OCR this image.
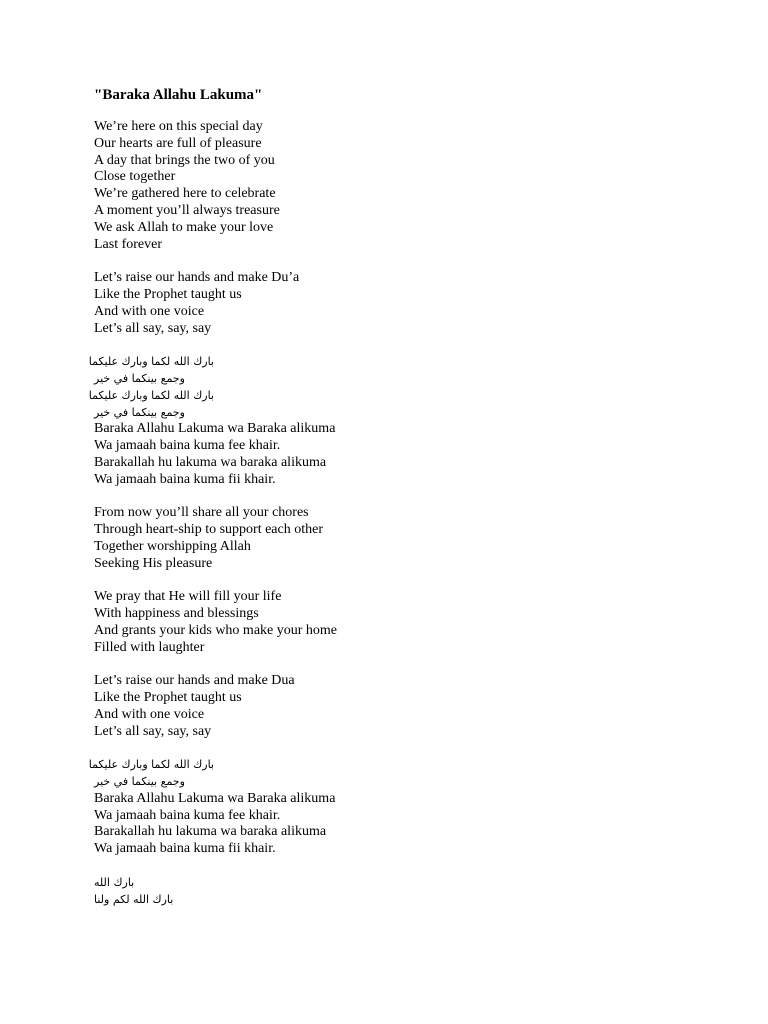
"Baraka Allahu Lakuma"
We’re here on this special day
Our hearts are full of pleasure
A day that brings the two of you
Close together
We’re gathered here to celebrate
A moment you’ll always treasure
We ask Allah to make your love
Last forever
Let’s raise our hands and make Du’a
Like the Prophet taught us
And with one voice
Let’s all say, say, say
بارك الله لكما وبارك عليكما
وجمع بينكما في خير
بارك الله لكما وبارك عليكما
وجمع بينكما في خير
Baraka Allahu Lakuma wa Baraka alikuma
Wa jamaah baina kuma fee khair.
Barakallah hu lakuma wa baraka alikuma
Wa jamaah baina kuma fii khair.
From now you’ll share all your chores
Through heart-ship to support each other
Together worshipping Allah
Seeking His pleasure
We pray that He will fill your life
With happiness and blessings
And grants your kids who make your home
Filled with laughter
Let’s raise our hands and make Dua
Like the Prophet taught us
And with one voice
Let’s all say, say, say
بارك الله لكما وبارك عليكما
وجمع بينكما في خير
Baraka Allahu Lakuma wa Baraka alikuma
Wa jamaah baina kuma fee khair.
Barakallah hu lakuma wa baraka alikuma
Wa jamaah baina kuma fii khair.
بارك الله
بارك الله لكم ولنا
